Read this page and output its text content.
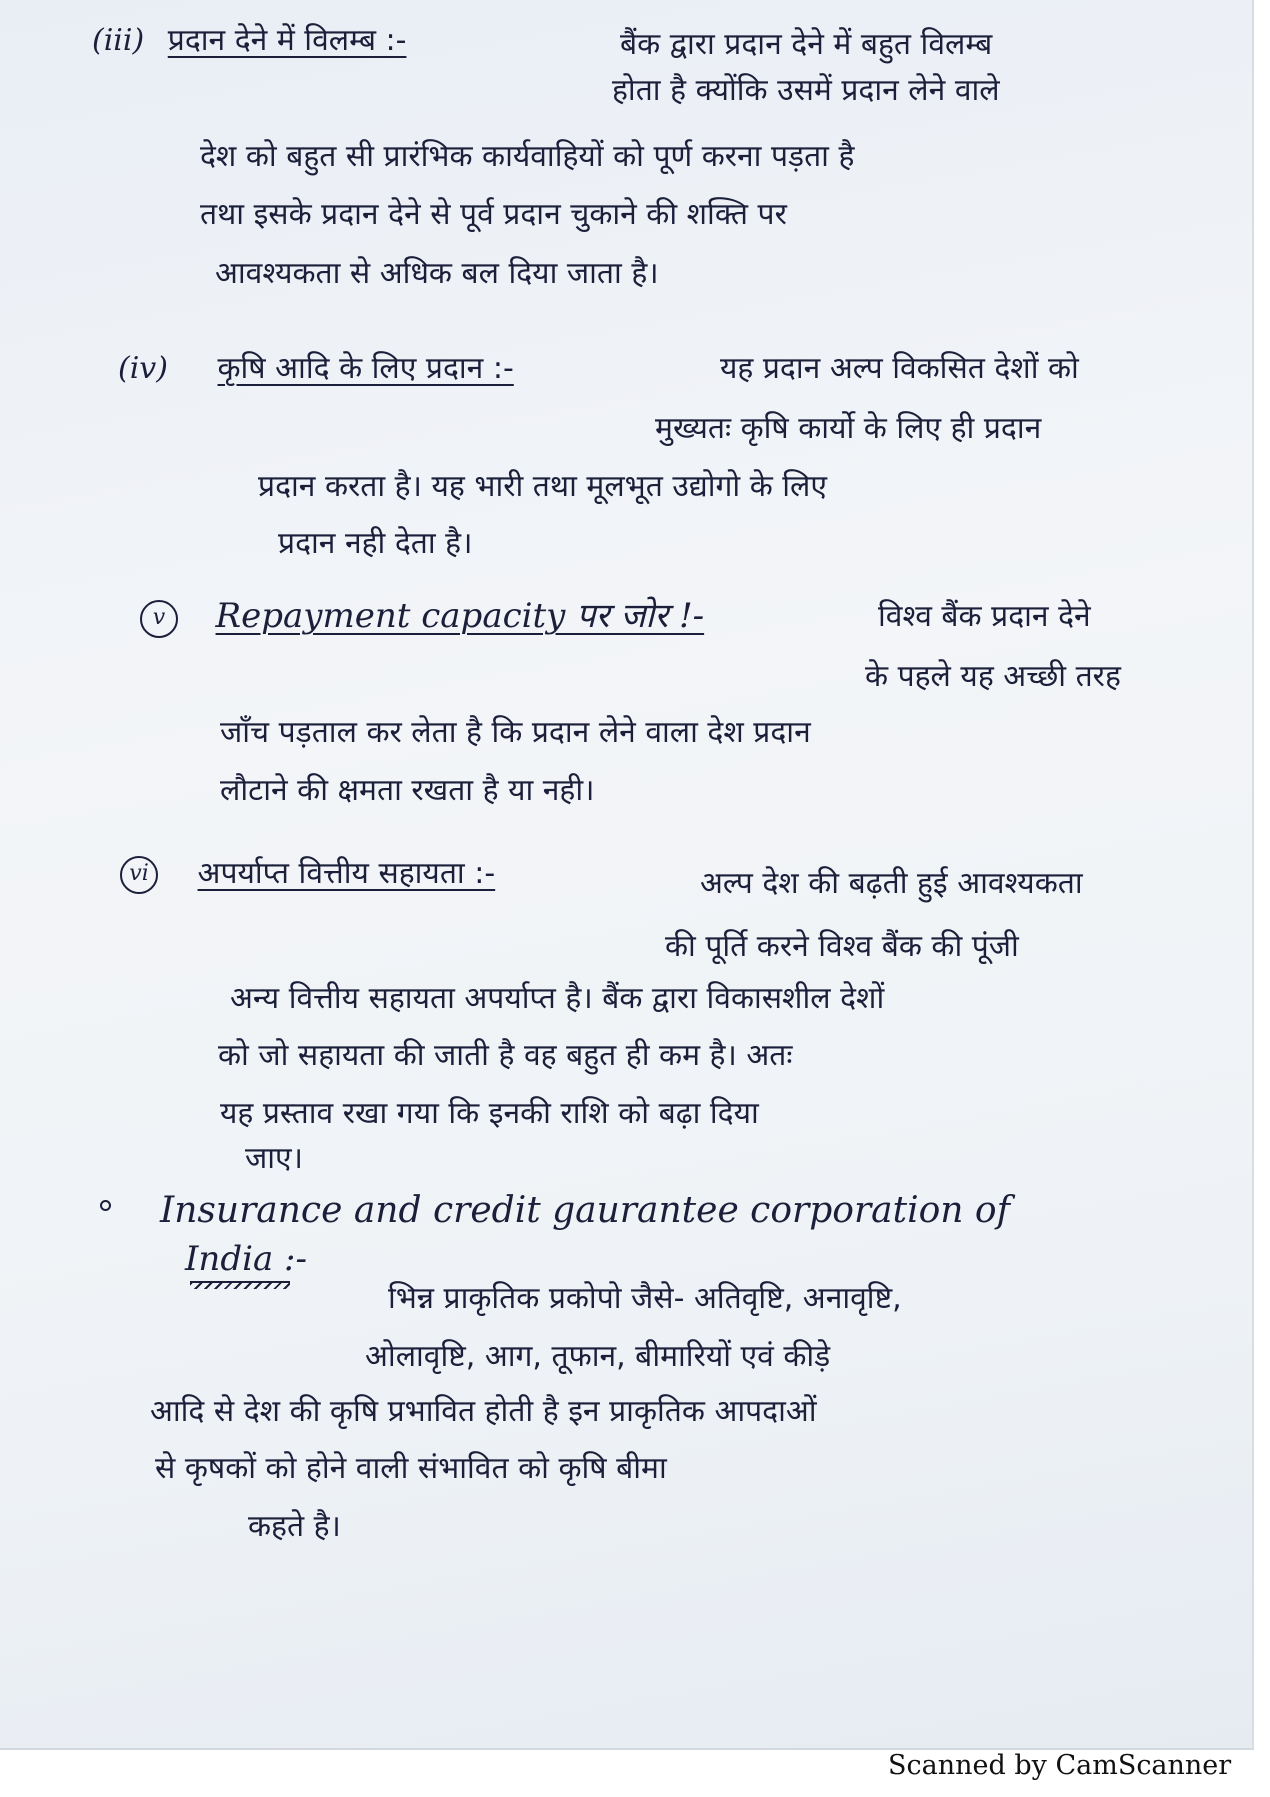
(iii) प्रदान देने में विलम्ब :-	बैंक द्वारा प्रदान देने में बहुत विलम्ब
होता है क्योंकि उसमें प्रदान लेने वाले
देश को बहुत सी प्रारंभिक कार्यवाहियों को पूर्ण करना पड़ता है
तथा इसके प्रदान देने से पूर्व प्रदान चुकाने की शक्ति पर
आवश्यकता से अधिक बल दिया जाता है।
(iv) कृषि आदि के लिए प्रदान :-	यह प्रदान अल्प विकसित देशों को
मुख्यतः कृषि कार्यो के लिए ही प्रदान
प्रदान करता है। यह भारी तथा मूलभूत उद्योगो के लिए
प्रदान नही देता है।
v Repayment capacity पर जोर !-	विश्व बैंक प्रदान देने
के पहले यह अच्छी तरह
जाँच पड़ताल कर लेता है कि प्रदान लेने वाला देश प्रदान
लौटाने की क्षमता रखता है या नही।
vi अपर्याप्त वित्तीय सहायता :-	अल्प देश की बढ़ती हुई आवश्यकता
की पूर्ति करने विश्व बैंक की पूंजी
अन्य वित्तीय सहायता अपर्याप्त है। बैंक द्वारा विकासशील देशों
को जो सहायता की जाती है वह बहुत ही कम है। अतः
यह प्रस्ताव रखा गया कि इनकी राशि को बढ़ा दिया
जाए।
Insurance and credit gaurantee corporation of
India :-
भिन्न प्राकृतिक प्रकोपो जैसे- अतिवृष्टि, अनावृष्टि,
ओलावृष्टि, आग, तूफान, बीमारियों एवं कीड़े
आदि से देश की कृषि प्रभावित होती है इन प्राकृतिक आपदाओं
से कृषकों को होने वाली संभावित को कृषि बीमा
कहते है।
Scanned by CamScanner
